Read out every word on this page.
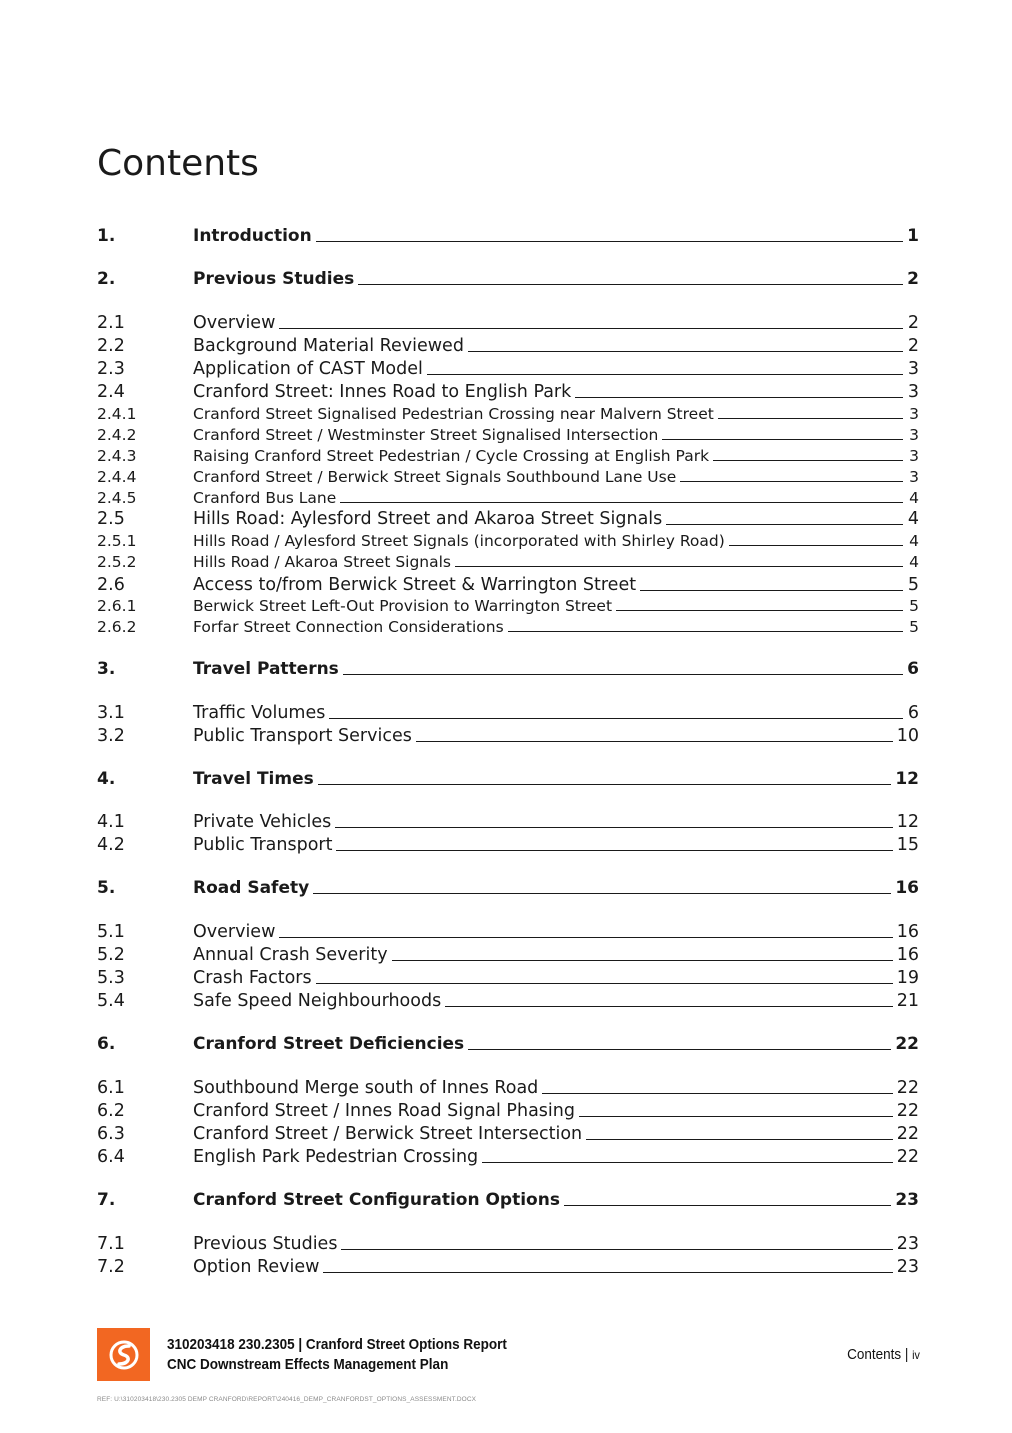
Contents
1.	Introduction	1
2.	Previous Studies	2
2.1	Overview	2
2.2	Background Material Reviewed	2
2.3	Application of CAST Model	3
2.4	Cranford Street: Innes Road to English Park	3
2.4.1	Cranford Street Signalised Pedestrian Crossing near Malvern Street	3
2.4.2	Cranford Street / Westminster Street Signalised Intersection	3
2.4.3	Raising Cranford Street Pedestrian / Cycle Crossing at English Park	3
2.4.4	Cranford Street / Berwick Street Signals Southbound Lane Use	3
2.4.5	Cranford Bus Lane	4
2.5	Hills Road: Aylesford Street and Akaroa Street Signals	4
2.5.1	Hills Road / Aylesford Street Signals (incorporated with Shirley Road)	4
2.5.2	Hills Road / Akaroa Street Signals	4
2.6	Access to/from Berwick Street & Warrington Street	5
2.6.1	Berwick Street Left-Out Provision to Warrington Street	5
2.6.2	Forfar Street Connection Considerations	5
3.	Travel Patterns	6
3.1	Traffic Volumes	6
3.2	Public Transport Services	10
4.	Travel Times	12
4.1	Private Vehicles	12
4.2	Public Transport	15
5.	Road Safety	16
5.1	Overview	16
5.2	Annual Crash Severity	16
5.3	Crash Factors	19
5.4	Safe Speed Neighbourhoods	21
6.	Cranford Street Deficiencies	22
6.1	Southbound Merge south of Innes Road	22
6.2	Cranford Street / Innes Road Signal Phasing	22
6.3	Cranford Street / Berwick Street Intersection	22
6.4	English Park Pedestrian Crossing	22
7.	Cranford Street Configuration Options	23
7.1	Previous Studies	23
7.2	Option Review	23
310203418 230.2305 | Cranford Street Options Report
CNC Downstream Effects Management Plan
Contents | iv
REF: U:\310203418\230.2305 DEMP CRANFORD\REPORT\240416_DEMP_CRANFORDST_OPTIONS_ASSESSMENT.DOCX
